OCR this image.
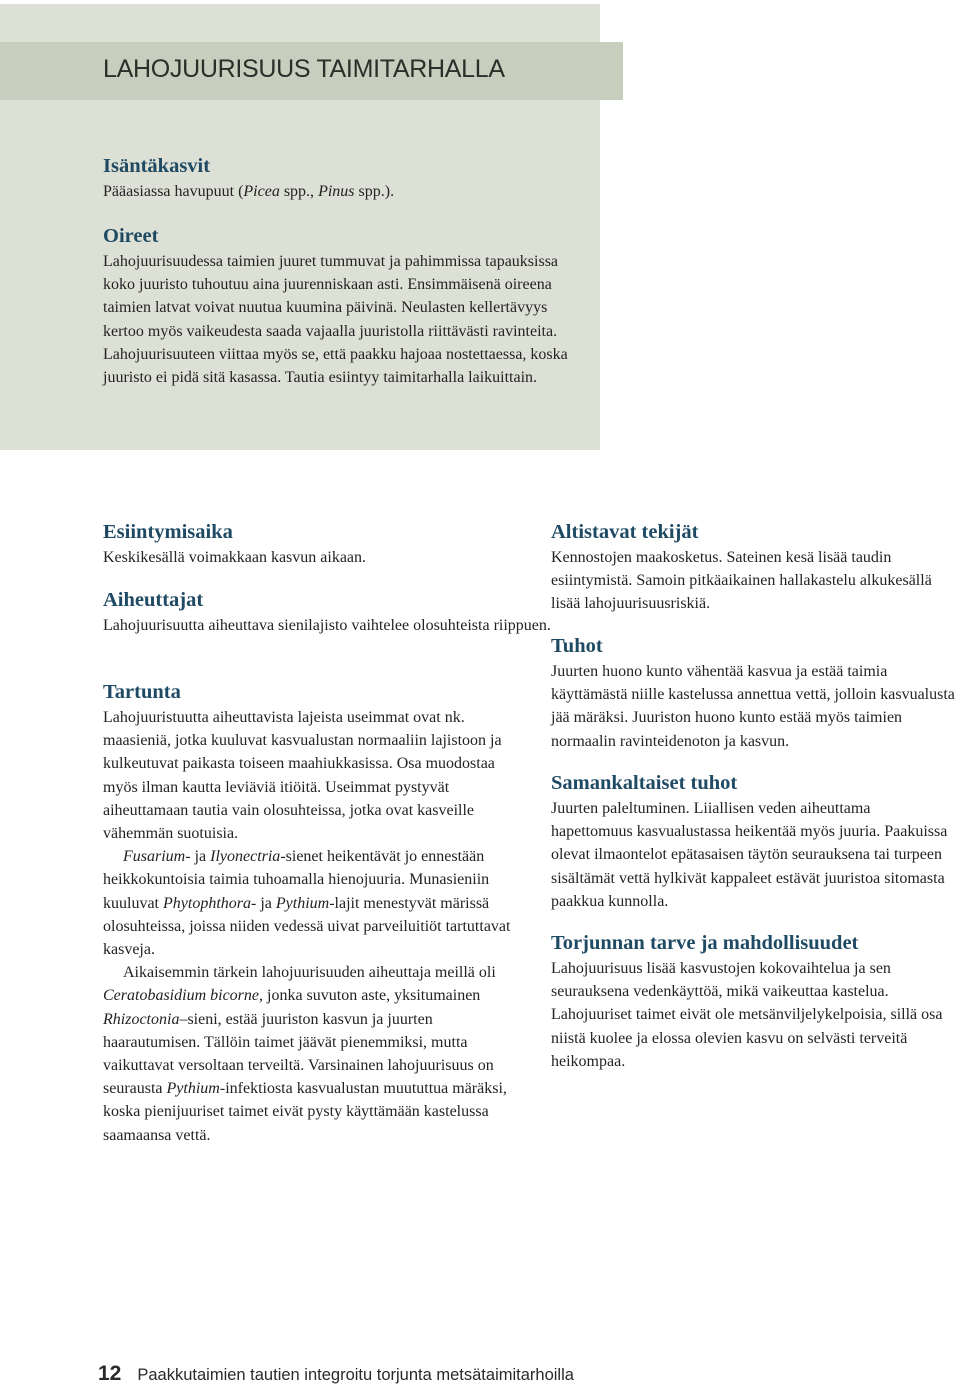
LAHOJUURISUUS TAIMITARHALLA
Isäntäkasvit

Pääasiassa havupuut (Picea spp., Pinus spp.).

Oireet

Lahojuurisuudessa taimien juuret tummuvat ja pahimmissa tapauksissa koko juuristo tuhoutuu aina juurenniskaan asti. Ensimmäisenä oireena taimien latvat voivat nuutua kuumina päivinä. Neulasten kellertävyys kertoo myös vaikeudesta saada vajaalla juuristolla riittävästi ravinteita. Lahojuurisuuteen viittaa myös se, että paakku hajoaa nostettaessa, koska juuristo ei pidä sitä kasassa. Tautia esiintyy taimitarhalla laikuittain.

Esiintymisaika

Keskikesällä voimakkaan kasvun aikaan.

Aiheuttajat

Lahojuurisuutta aiheuttava sienilajisto vaihtelee olosuhteista riippuen.

Tartunta

Lahojuuristuutta aiheuttavista lajeista useimmat ovat nk. maasieniä, jotka kuuluvat kasvualustan normaaliin lajistoon ja kulkeutuvat paikasta toiseen maahiukkasissa. Osa muodostaa myös ilman kautta leviäviä itiöitä. Useimmat pystyvät aiheuttamaan tautia vain olosuhteissa, jotka ovat kasveille vähemmän suotuisia.

Fusarium- ja Ilyonectria-sienet heikentävät jo ennestään heikkokuntoisia taimia tuhoamalla hienojuuria. Munasieniin kuuluvat Phytophthora- ja Pythium-lajit menestyvät märissä olosuhteissa, joissa niiden vedessä uivat parveiluitiöt tartuttavat kasveja.

Aikaisemmin tärkein lahojuurisuuden aiheuttaja meillä oli Ceratobasidium bicorne, jonka suvuton aste, yksitumainen Rhizoctonia–sieni, estää juuriston kasvun ja juurten haarautumisen. Tällöin taimet jäävät pienemmiksi, mutta vaikuttavat versoltaan terveiltä. Varsinainen lahojuurisuus on seurausta Pythium-infektiosta kasvualustan muututtua märäksi, koska pienijuuriset taimet eivät pysty käyttämään kastelussa saamaansa vettä.

Altistavat tekijät

Kennostojen maakosketus. Sateinen kesä lisää taudin esiintymistä. Samoin pitkäaikainen hallakastelu alkukesällä lisää lahojuurisuusriskiä.

Tuhot

Juurten huono kunto vähentää kasvua ja estää taimia käyttämästä niille kastelussa annettua vettä, jolloin kasvualusta jää märäksi. Juuriston huono kunto estää myös taimien normaalin ravinteidenoton ja kasvun.

Samankaltaiset tuhot

Juurten paleltuminen. Liiallisen veden aiheuttama hapettomuus kasvualustassa heikentää myös juuria. Paakuissa olevat ilmaontelot epätasaisen täytön seurauksena tai turpeen sisältämät vettä hylkivät kappaleet estävät juuristoa sitomasta paakkua kunnolla.

Torjunnan tarve ja mahdollisuudet

Lahojuurisuus lisää kasvustojen kokovaihtelua ja sen seurauksena vedenkäyttöä, mikä vaikeuttaa kastelua. Lahojuuriset taimet eivät ole metsänviljelykelpoisia, sillä osa niistä kuolee ja elossa olevien kasvu on selvästi terveitä heikompaa.

12 Paakkutaimien tautien integroitu torjunta metsätaimitarhoilla
